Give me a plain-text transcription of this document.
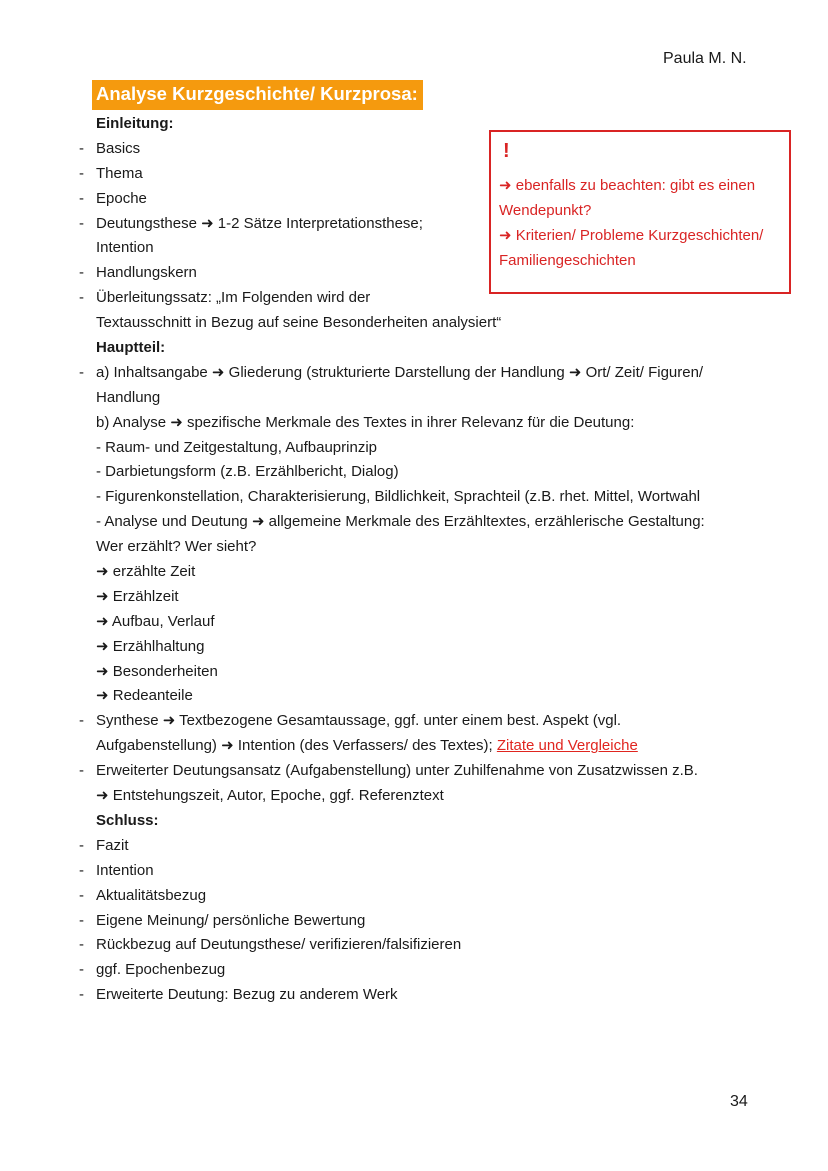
Paula M. N.
Analyse Kurzgeschichte/ Kurzprosa:
!
➜ ebenfalls zu beachten: gibt es einen
Wendepunkt?
➜ Kriterien/ Probleme Kurzgeschichten/
Familiengeschichten
Einleitung:
- Basics
- Thema
- Epoche
- Deutungsthese ➜ 1-2 Sätze Interpretationsthese;
Intention
- Handlungskern
- Überleitungssatz: „Im Folgenden wird der
Textausschnitt in Bezug auf seine Besonderheiten analysiert“
Hauptteil:
- a) Inhaltsangabe ➜ Gliederung (strukturierte Darstellung der Handlung ➜ Ort/ Zeit/ Figuren/
Handlung
b) Analyse ➜ spezifische Merkmale des Textes in ihrer Relevanz für die Deutung:
- Raum- und Zeitgestaltung, Aufbauprinzip
- Darbietungsform (z.B. Erzählbericht, Dialog)
- Figurenkonstellation, Charakterisierung, Bildlichkeit, Sprachteil (z.B. rhet. Mittel, Wortwahl
- Analyse und Deutung ➜ allgemeine Merkmale des Erzähltextes, erzählerische Gestaltung:
Wer erzählt? Wer sieht?
➜ erzählte Zeit
➜ Erzählzeit
➜ Aufbau, Verlauf
➜ Erzählhaltung
➜ Besonderheiten
➜ Redeanteile
- Synthese ➜ Textbezogene Gesamtaussage, ggf. unter einem best. Aspekt (vgl.
Aufgabenstellung) ➜ Intention (des Verfassers/ des Textes); Zitate und Vergleiche
- Erweiterter Deutungsansatz (Aufgabenstellung) unter Zuhilfenahme von Zusatzwissen z.B.
➜ Entstehungszeit, Autor, Epoche, ggf. Referenztext
Schluss:
- Fazit
- Intention
- Aktualitätsbezug
- Eigene Meinung/ persönliche Bewertung
- Rückbezug auf Deutungsthese/ verifizieren/falsifizieren
- ggf. Epochenbezug
- Erweiterte Deutung: Bezug zu anderem Werk
34
